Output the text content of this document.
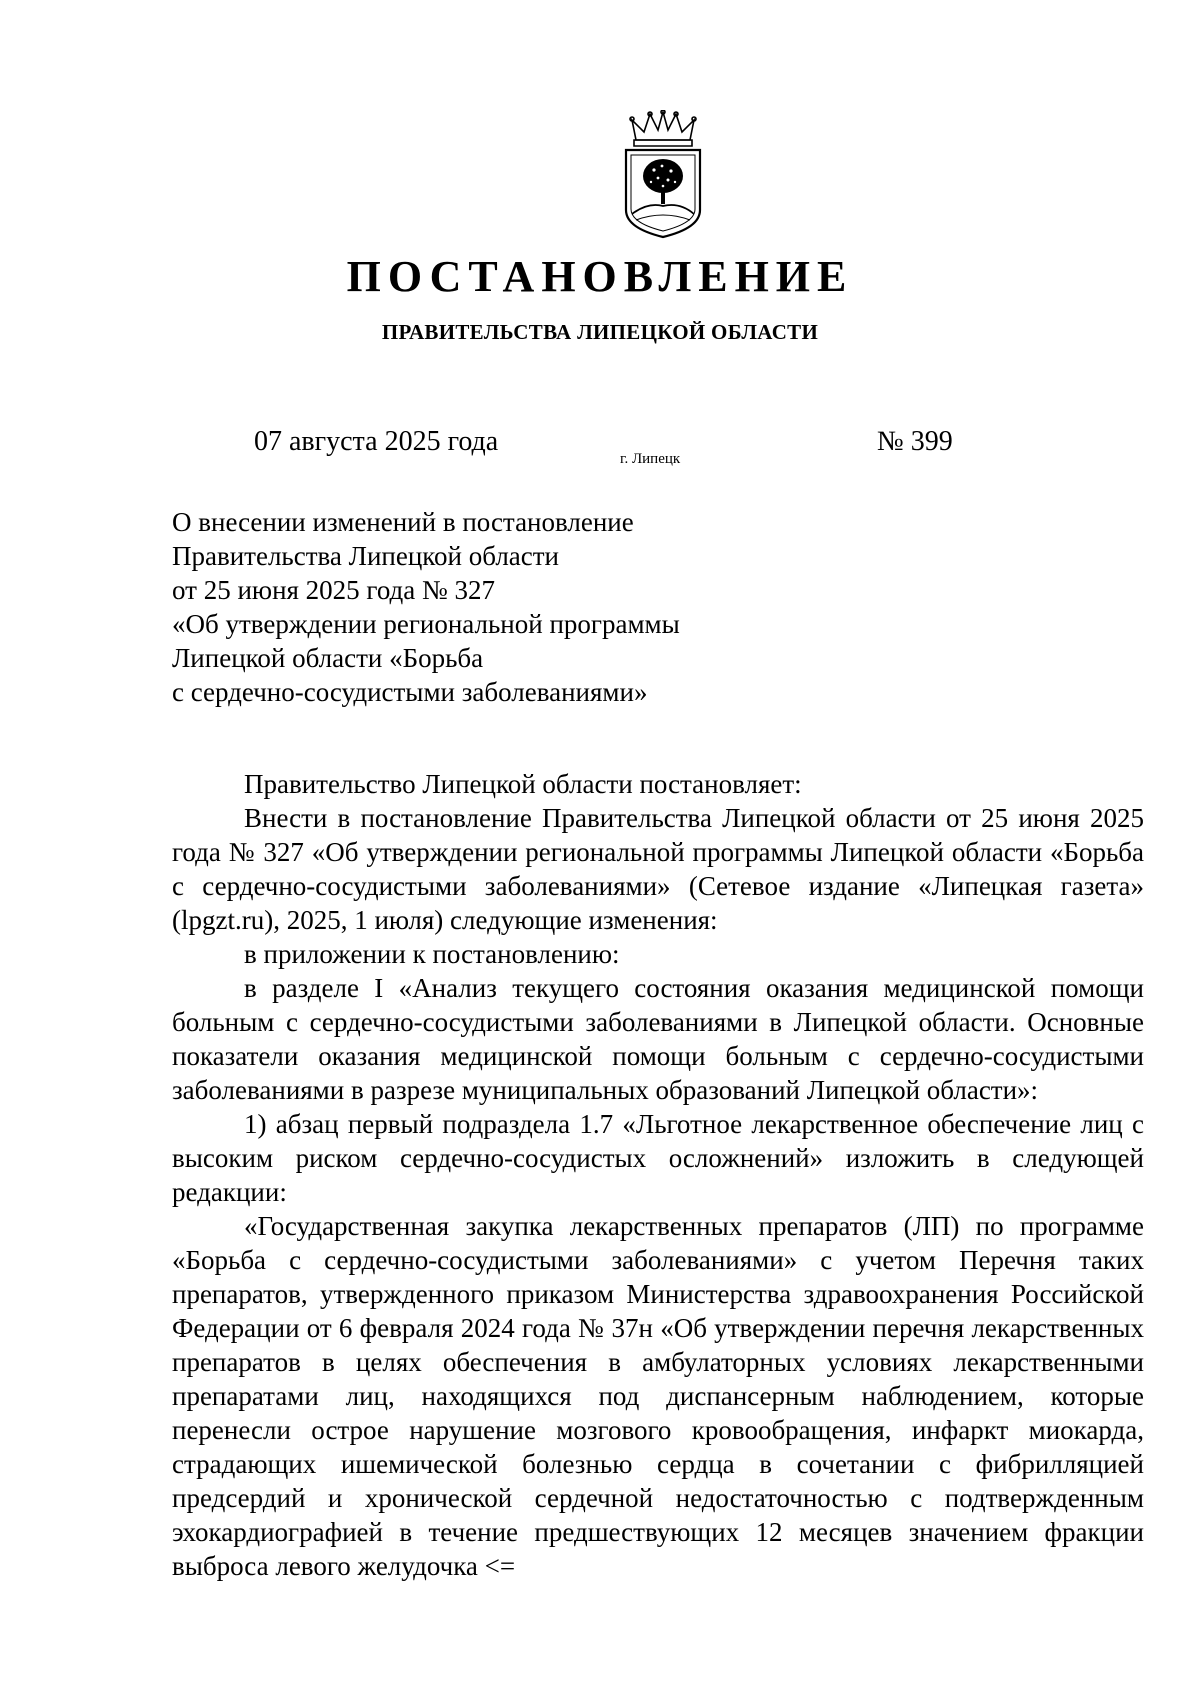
ПОСТАНОВЛЕНИЕ
ПРАВИТЕЛЬСТВА ЛИПЕЦКОЙ ОБЛАСТИ
07 августа 2025 года
г. Липецк
№ 399
О внесении изменений в постановление
Правительства Липецкой области
от 25 июня 2025 года № 327
«Об утверждении региональной программы
Липецкой области «Борьба
с сердечно-сосудистыми заболеваниями»

Правительство Липецкой области постановляет:

Внести в постановление Правительства Липецкой области от 25 июня 2025 года № 327 «Об утверждении региональной программы Липецкой области «Борьба с сердечно-сосудистыми заболеваниями» (Сетевое издание «Липецкая газета» (lpgzt.ru), 2025, 1 июля) следующие изменения:

в приложении к постановлению:

в разделе I «Анализ текущего состояния оказания медицинской помощи больным с сердечно-сосудистыми заболеваниями в Липецкой области. Основные показатели оказания медицинской помощи больным с сердечно-сосудистыми заболеваниями в разрезе муниципальных образований Липецкой области»:

1) абзац первый подраздела 1.7 «Льготное лекарственное обеспечение лиц с высоким риском сердечно-сосудистых осложнений» изложить в следующей редакции:

«Государственная закупка лекарственных препаратов (ЛП) по программе «Борьба с сердечно-сосудистыми заболеваниями» с учетом Перечня таких препаратов, утвержденного приказом Министерства здравоохранения Российской Федерации от 6 февраля 2024 года № 37н «Об утверждении перечня лекарственных препаратов в целях обеспечения в амбулаторных условиях лекарственными препаратами лиц, находящихся под диспансерным наблюдением, которые перенесли острое нарушение мозгового кровообращения, инфаркт миокарда, страдающих ишемической болезнью сердца в сочетании с фибрилляцией предсердий и хронической сердечной недостаточностью с подтвержденным эхокардиографией в течение предшествующих 12 месяцев значением фракции выброса левого желудочка <=
